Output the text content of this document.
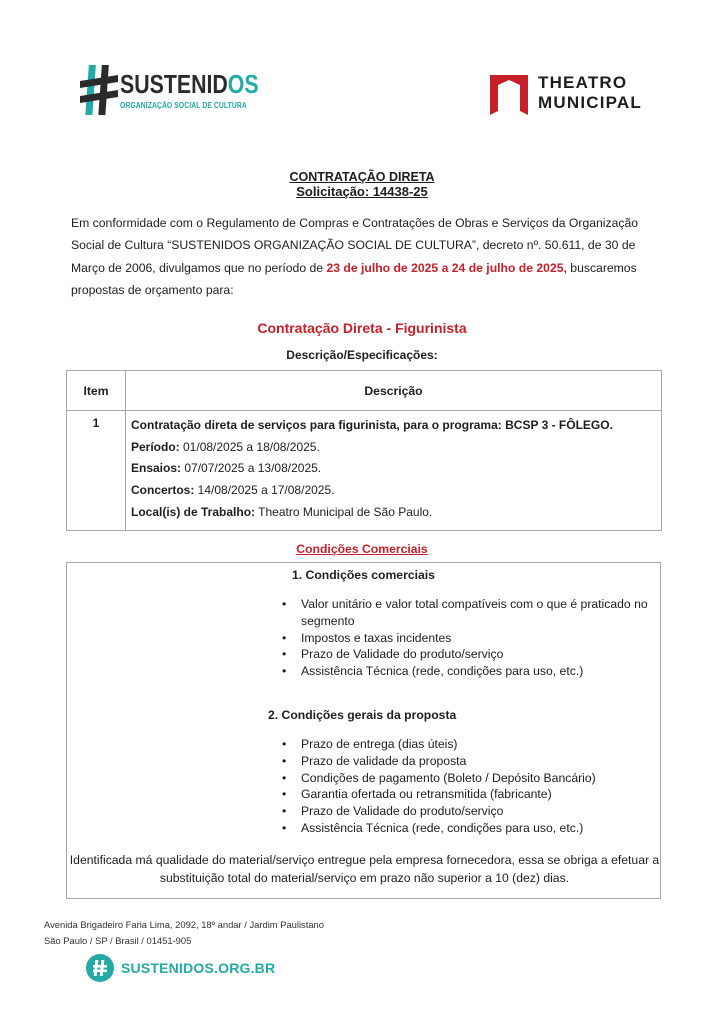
SUSTENIDOS
ORGANIZAÇÃO SOCIAL DE CULTURA
THEATRO
MUNICIPAL
CONTRATAÇÃO DIRETA
Solicitação: 14438-25
Em conformidade com o Regulamento de Compras e Contratações de Obras e Serviços da Organização Social de Cultura “SUSTENIDOS ORGANIZAÇÃO SOCIAL DE CULTURA”, decreto nº. 50.611, de 30 de Março de 2006, divulgamos que no período de 23 de julho de 2025 a 24 de julho de 2025, buscaremos propostas de orçamento para:
Contratação Direta - Figurinista
Descrição/Especificações:
Item	Descrição
1	Contratação direta de serviços para figurinista, para o programa: BCSP 3 - FÔLEGO.
Período: 01/08/2025 a 18/08/2025.
Ensaios: 07/07/2025 a 13/08/2025.
Concertos: 14/08/2025 a 17/08/2025.
Local(is) de Trabalho: Theatro Municipal de São Paulo.
Condições Comerciais
1. Condições comerciais
• Valor unitário e valor total compatíveis com o que é praticado no segmento
• Impostos e taxas incidentes
• Prazo de Validade do produto/serviço
• Assistência Técnica (rede, condições para uso, etc.)
2. Condições gerais da proposta
• Prazo de entrega (dias úteis)
• Prazo de validade da proposta
• Condições de pagamento (Boleto / Depósito Bancário)
• Garantia ofertada ou retransmitida (fabricante)
• Prazo de Validade do produto/serviço
• Assistência Técnica (rede, condições para uso, etc.)
Identificada má qualidade do material/serviço entregue pela empresa fornecedora, essa se obriga a efetuar a substituição total do material/serviço em prazo não superior a 10 (dez) dias.
Avenida Brigadeiro Faria Lima, 2092, 18º andar / Jardim Paulistano
São Paulo / SP / Brasil / 01451-905
SUSTENIDOS.ORG.BR
